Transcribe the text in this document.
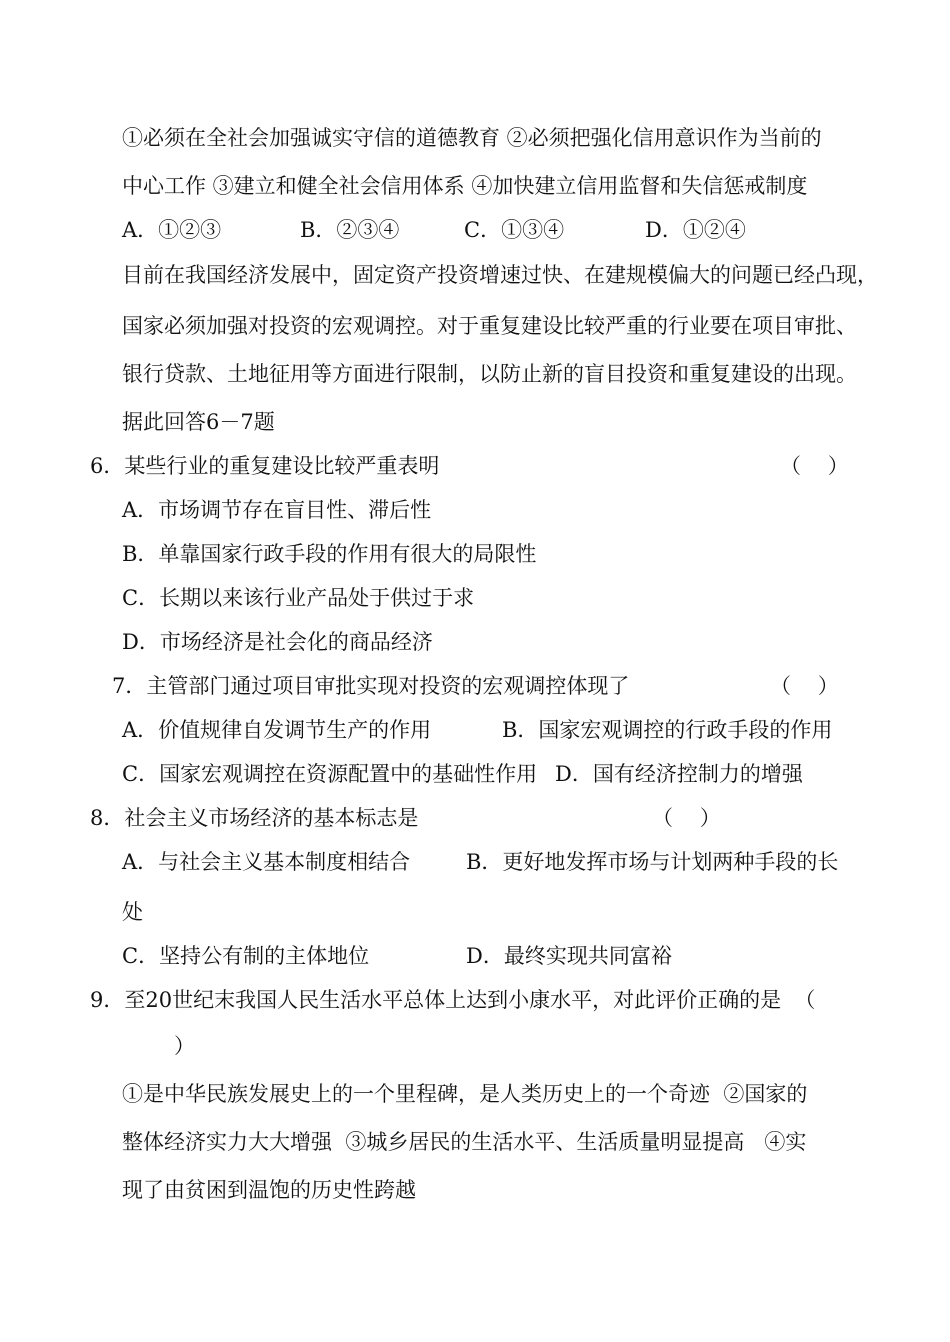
①必须在全社会加强诚实守信的道德教育 ②必须把强化信用意识作为当前的
中心工作 ③建立和健全社会信用体系 ④加快建立信用监督和失信惩戒制度
A．①②③	B．②③④	C．①③④	D．①②④
目前在我国经济发展中，固定资产投资增速过快、在建规模偏大的问题已经凸现，
国家必须加强对投资的宏观调控。对于重复建设比较严重的行业要在项目审批、
银行贷款、土地征用等方面进行限制，以防止新的盲目投资和重复建设的出现。
据此回答6－7题
6．某些行业的重复建设比较严重表明	（    ）
A．市场调节存在盲目性、滞后性
B．单靠国家行政手段的作用有很大的局限性
C．长期以来该行业产品处于供过于求
D．市场经济是社会化的商品经济
7．主管部门通过项目审批实现对投资的宏观调控体现了	（    ）
A．价值规律自发调节生产的作用	B．国家宏观调控的行政手段的作用
C．国家宏观调控在资源配置中的基础性作用 D．国有经济控制力的增强
8．社会主义市场经济的基本标志是	（    ）
A．与社会主义基本制度相结合	B．更好地发挥市场与计划两种手段的长
处
C．坚持公有制的主体地位	D．最终实现共同富裕
9．至20世纪末我国人民生活水平总体上达到小康水平，对此评价正确的是  （
）
①是中华民族发展史上的一个里程碑，是人类历史上的一个奇迹  ②国家的
整体经济实力大大增强  ③城乡居民的生活水平、生活质量明显提高   ④实
现了由贫困到温饱的历史性跨越
